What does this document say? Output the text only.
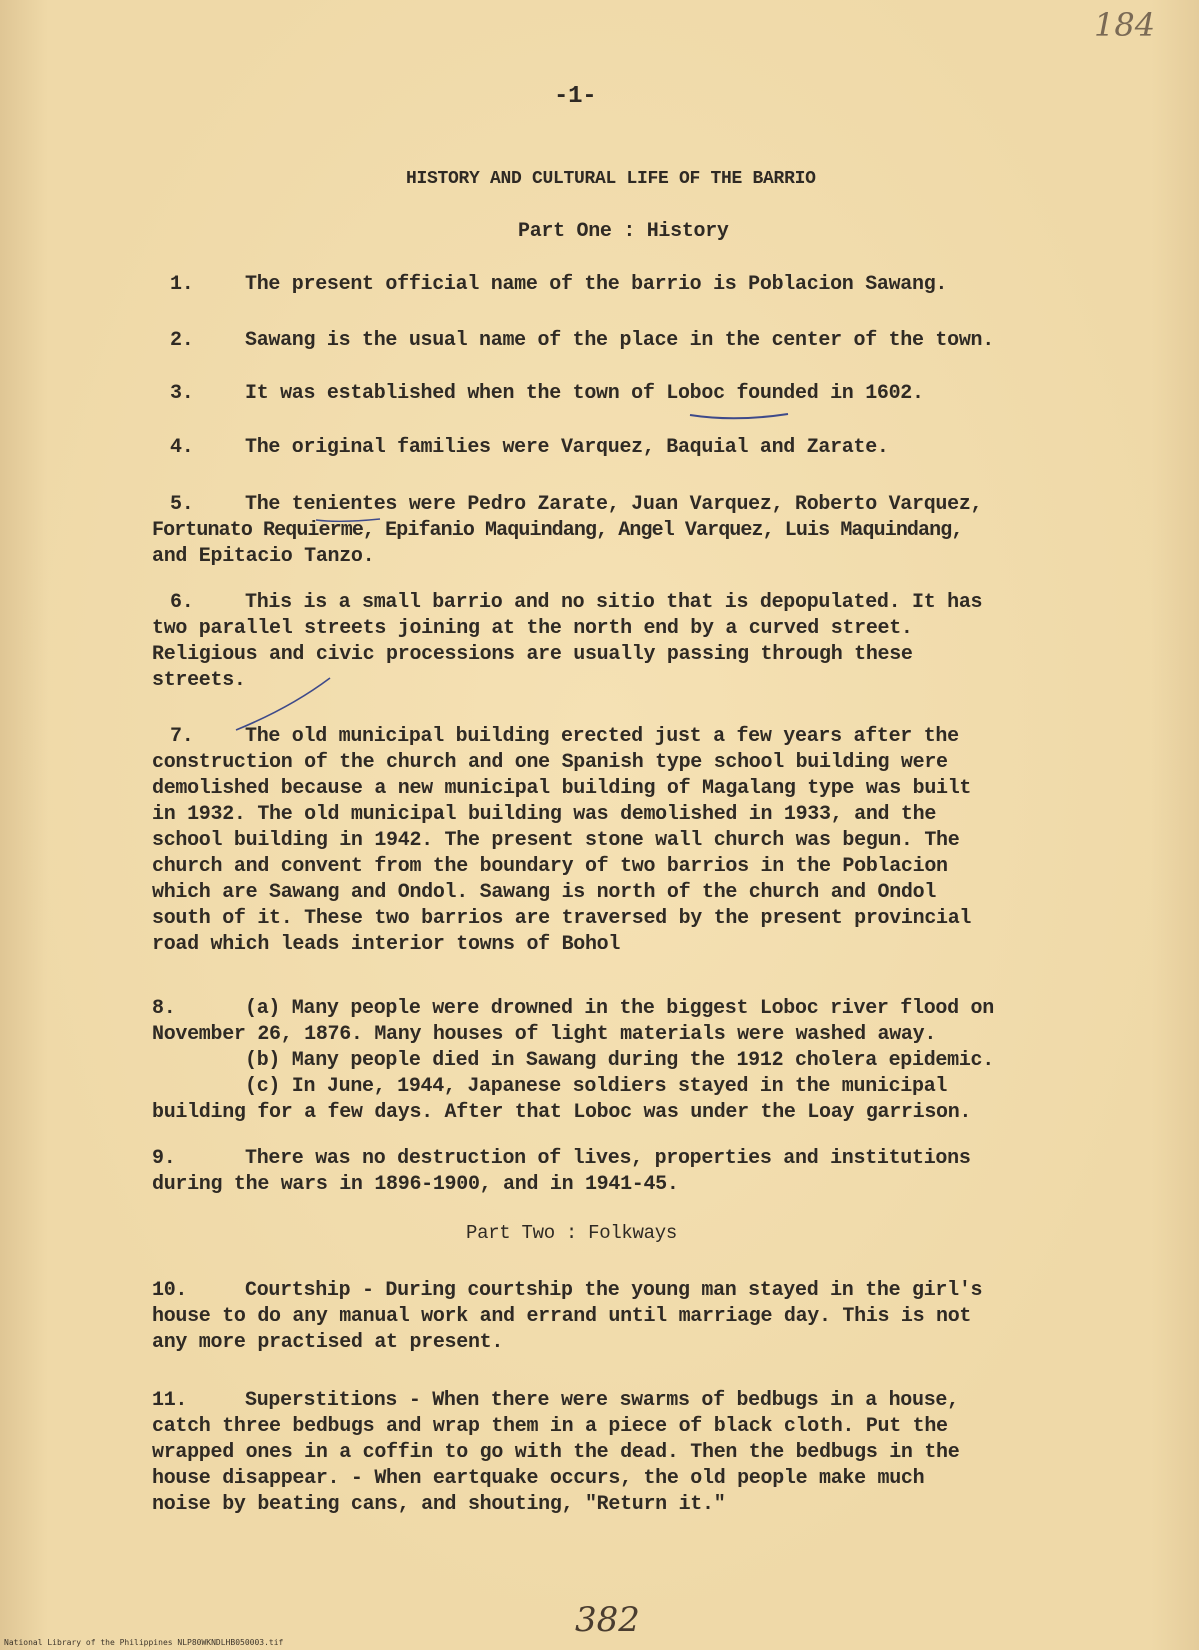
184
-1-
HISTORY AND CULTURAL LIFE OF THE BARRIO
Part One : History
1.	The present official name of the barrio is Poblacion Sawang.
2.	Sawang is the usual name of the place in the center of the town.
3.	It was established when the town of Loboc founded in 1602.
4.	The original families were Varquez, Baquial and Zarate.
5.	The tenientes were Pedro Zarate, Juan Varquez, Roberto Varquez,
Fortunato Requierme, Epifanio Maquindang, Angel Varquez, Luis Maquindang,
and Epitacio Tanzo.
6.	This is a small barrio and no sitio that is depopulated. It has
two parallel streets joining at the north end by a curved street.
Religious and civic processions are usually passing through these
streets.
7.	The old municipal building erected just a few years after the
construction of the church and one Spanish type school building were
demolished because a new municipal building of Magalang type was built
in 1932. The old municipal building was demolished in 1933, and the
school building in 1942. The present stone wall church was begun. The
church and convent from the boundary of two barrios in the Poblacion
which are Sawang and Ondol. Sawang is north of the church and Ondol
south of it. These two barrios are traversed by the present provincial
road which leads interior towns of Bohol
8.	(a) Many people were drowned in the biggest Loboc river flood on
November 26, 1876. Many houses of light materials were washed away.
(b) Many people died in Sawang during the 1912 cholera epidemic.
(c) In June, 1944, Japanese soldiers stayed in the municipal
building for a few days. After that Loboc was under the Loay garrison.
9.	There was no destruction of lives, properties and institutions
during the wars in 1896-1900, and in 1941-45.
Part Two : Folkways
10.	Courtship - During courtship the young man stayed in the girl's
house to do any manual work and errand until marriage day. This is not
any more practised at present.
11.	Superstitions - When there were swarms of bedbugs in a house,
catch three bedbugs and wrap them in a piece of black cloth. Put the
wrapped ones in a coffin to go with the dead. Then the bedbugs in the
house disappear. - When eartquake occurs, the old people make much
noise by beating cans, and shouting, "Return it."
382
National Library of the Philippines NLP80WKNDLHB050003.tif
